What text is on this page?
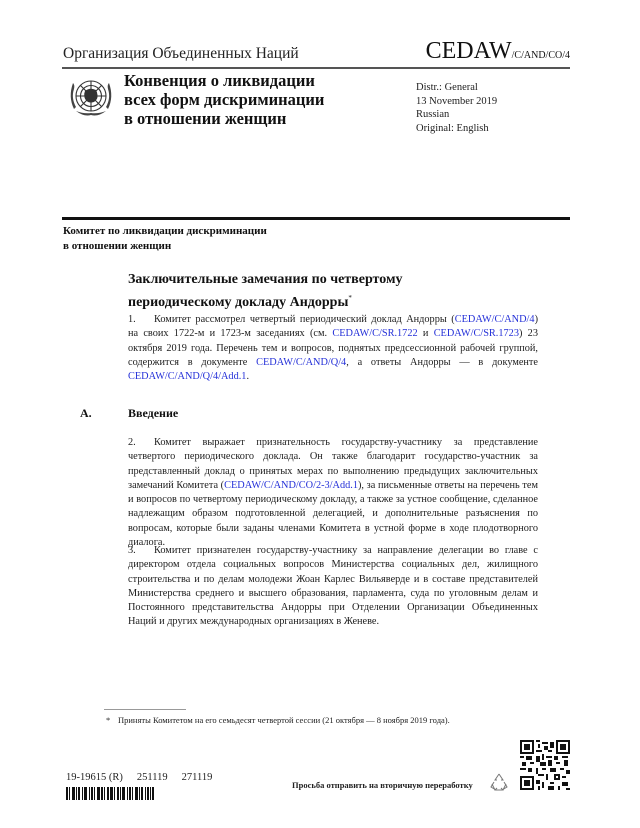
Организация Объединенных Наций	CEDAW/C/AND/CO/4
Конвенция о ликвидации
всех форм дискриминации
в отношении женщин
Distr.: General
13 November 2019
Russian
Original: English
Комитет по ликвидации дискриминации
в отношении женщин
Заключительные замечания по четвертому
периодическому докладу Андорры*
1. Комитет рассмотрел четвертый периодический доклад Андорры (CEDAW/C/AND/4) на своих 1722-м и 1723-м заседаниях (см. CEDAW/C/SR.1722 и CEDAW/C/SR.1723) 23 октября 2019 года. Перечень тем и вопросов, поднятых предсессионной рабочей группой, содержится в документе CEDAW/C/AND/Q/4, а ответы Андорры — в документе CEDAW/C/AND/Q/4/Add.1.
A.	Введение
2. Комитет выражает признательность государству-участнику за представление четвертого периодического доклада. Он также благодарит государство-участник за представленный доклад о принятых мерах по выполнению предыдущих заключительных замечаний Комитета (CEDAW/C/AND/CO/2-3/Add.1), за письменные ответы на перечень тем и вопросов по четвертому периодическому докладу, а также за устное сообщение, сделанное надлежащим образом подготовленной делегацией, и дополнительные разъяснения по вопросам, которые были заданы членами Комитета в устной форме в ходе плодотворного диалога.
3. Комитет признателен государству-участнику за направление делегации во главе с директором отдела социальных вопросов Министерства социальных дел, жилищного строительства и по делам молодежи Жоан Карлес Вильяверде и в составе представителей Министерства среднего и высшего образования, парламента, суда по уголовным делам и Постоянного представительства Андорры при Отделении Организации Объединенных Наций и других международных организациях в Женеве.
* Приняты Комитетом на его семьдесят четвертой сессии (21 октября — 8 ноября 2019 года).
19-19615 (R) 251119 271119
Просьба отправить на вторичную переработку
